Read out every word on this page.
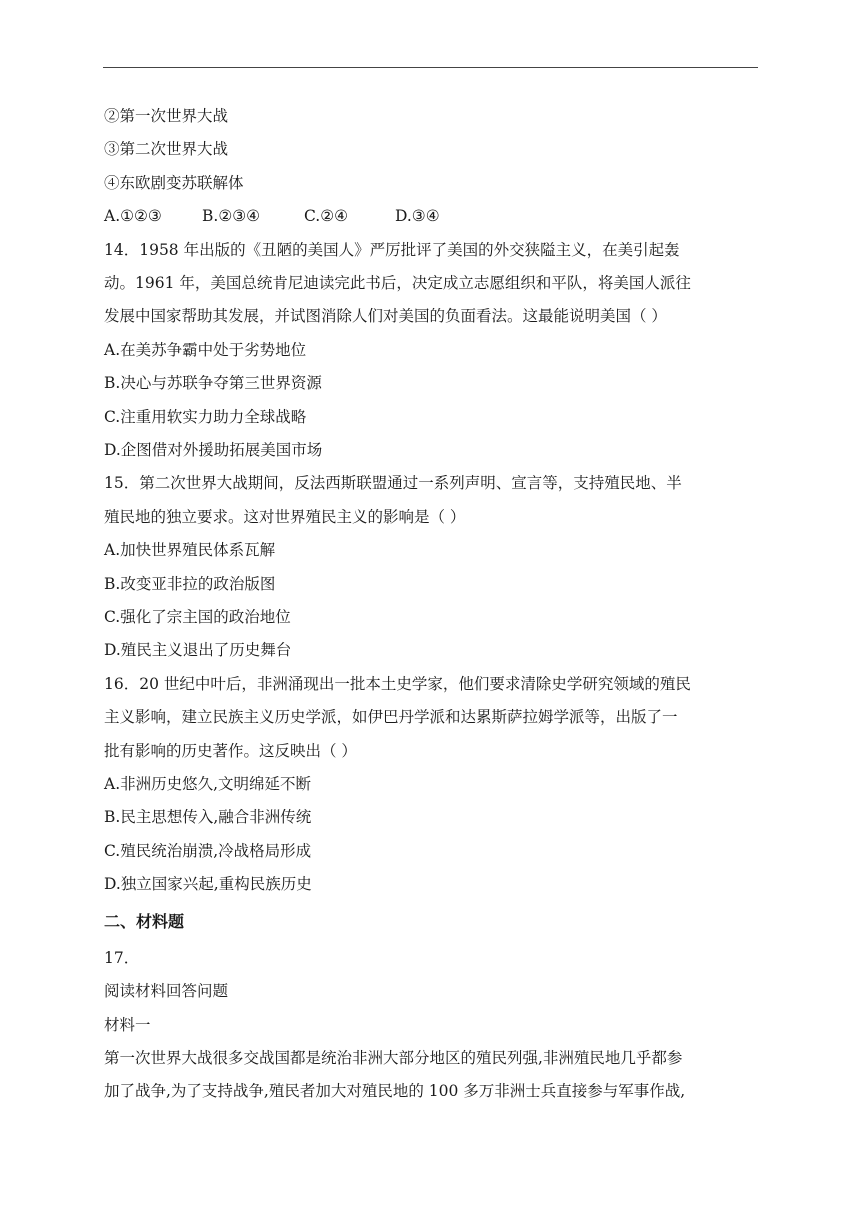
②第一次世界大战

③第二次世界大战

④东欧剧变苏联解体

A.①②③	B.②③④	C.②④	D.③④

14．1958 年出版的《丑陋的美国人》严厉批评了美国的外交狭隘主义，在美引起轰

动。1961 年，美国总统肯尼迪读完此书后，决定成立志愿组织和平队，将美国人派往

发展中国家帮助其发展，并试图消除人们对美国的负面看法。这最能说明美国（ ）

A.在美苏争霸中处于劣势地位

B.决心与苏联争夺第三世界资源

C.注重用软实力助力全球战略

D.企图借对外援助拓展美国市场

15．第二次世界大战期间，反法西斯联盟通过一系列声明、宣言等，支持殖民地、半

殖民地的独立要求。这对世界殖民主义的影响是（ ）

A.加快世界殖民体系瓦解

B.改变亚非拉的政治版图

C.强化了宗主国的政治地位

D.殖民主义退出了历史舞台

16．20 世纪中叶后，非洲涌现出一批本土史学家，他们要求清除史学研究领域的殖民

主义影响，建立民族主义历史学派，如伊巴丹学派和达累斯萨拉姆学派等，出版了一

批有影响的历史著作。这反映出（ ）

A.非洲历史悠久,文明绵延不断

B.民主思想传入,融合非洲传统

C.殖民统治崩溃,冷战格局形成

D.独立国家兴起,重构民族历史

二、材料题

17．

阅读材料回答问题

材料一

第一次世界大战很多交战国都是统治非洲大部分地区的殖民列强,非洲殖民地几乎都参

加了战争,为了支持战争,殖民者加大对殖民地的 100 多万非洲士兵直接参与军事作战,
